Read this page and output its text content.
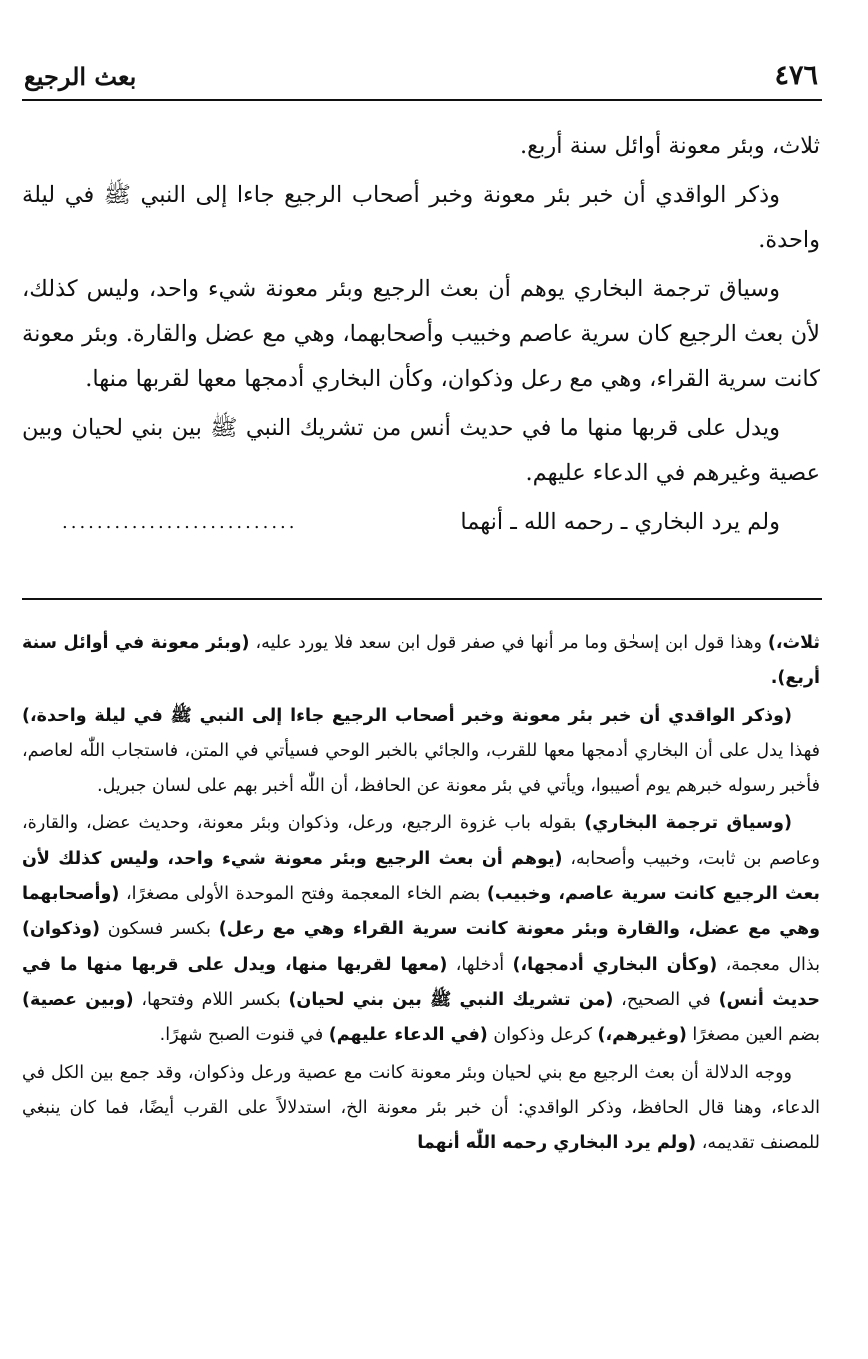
٤٧٦
بعث الرجيع

ثلاث، وبئر معونة أوائل سنة أربع.

وذكر الواقدي أن خبر بئر معونة وخبر أصحاب الرجيع جاءا إلى النبي ﷺ في ليلة واحدة.

وسياق ترجمة البخاري يوهم أن بعث الرجيع وبئر معونة شيء واحد، وليس كذلك، لأن بعث الرجيع كان سرية عاصم وخبيب وأصحابهما، وهي مع عضل والقارة. وبئر معونة كانت سرية القراء، وهي مع رعل وذكوان، وكأن البخاري أدمجها معها لقربها منها.

ويدل على قربها منها ما في حديث أنس من تشريك النبي ﷺ بين بني لحيان وبين عصية وغيرهم في الدعاء عليهم.

ولم يرد البخاري ـ رحمه الله ـ أنهما
...........................

ثلاث،) وهذا قول ابن إسحٰق وما مر أنها في صفر قول ابن سعد فلا يورد عليه، (وبئر معونة في أوائل سنة أربع).

(وذكر الواقدي أن خبر بئر معونة وخبر أصحاب الرجيع جاءا إلى النبي ﷺ في ليلة واحدة،) فهذا يدل على أن البخاري أدمجها معها للقرب، والجائي بالخبر الوحي فسيأتي في المتن، فاستجاب اللّٰه لعاصم، فأخبر رسوله خبرهم يوم أصيبوا، ويأتي في بئر معونة عن الحافظ، أن اللّٰه أخبر بهم على لسان جبريل.

(وسياق ترجمة البخاري) بقوله باب غزوة الرجيع، ورعل، وذكوان وبئر معونة، وحديث عضل، والقارة، وعاصم بن ثابت، وخبيب وأصحابه، (يوهم أن بعث الرجيع وبئر معونة شيء واحد، وليس كذلك لأن بعث الرجيع كانت سرية عاصم، وخبيب) بضم الخاء المعجمة وفتح الموحدة الأولى مصغرًا، (وأصحابهما وهي مع عضل، والقارة وبئر معونة كانت سرية القراء وهي مع رعل) بكسر فسكون (وذكوان) بذال معجمة، (وكأن البخاري أدمجها،) أدخلها، (معها لقربها منها، ويدل على قربها منها ما في حديث أنس) في الصحيح، (من تشريك النبي ﷺ بين بني لحيان) بكسر اللام وفتحها، (وبين عصية) بضم العين مصغرًا (وغيرهم،) كرعل وذكوان (في الدعاء عليهم) في قنوت الصبح شهرًا.

ووجه الدلالة أن بعث الرجيع مع بني لحيان وبئر معونة كانت مع عصية ورعل وذكوان، وقد جمع بين الكل في الدعاء، وهنا قال الحافظ، وذكر الواقدي: أن خبر بئر معونة الخ، استدلالاً على القرب أيضًا، فما كان ينبغي للمصنف تقديمه، (ولم يرد البخاري رحمه اللّٰه أنهما
